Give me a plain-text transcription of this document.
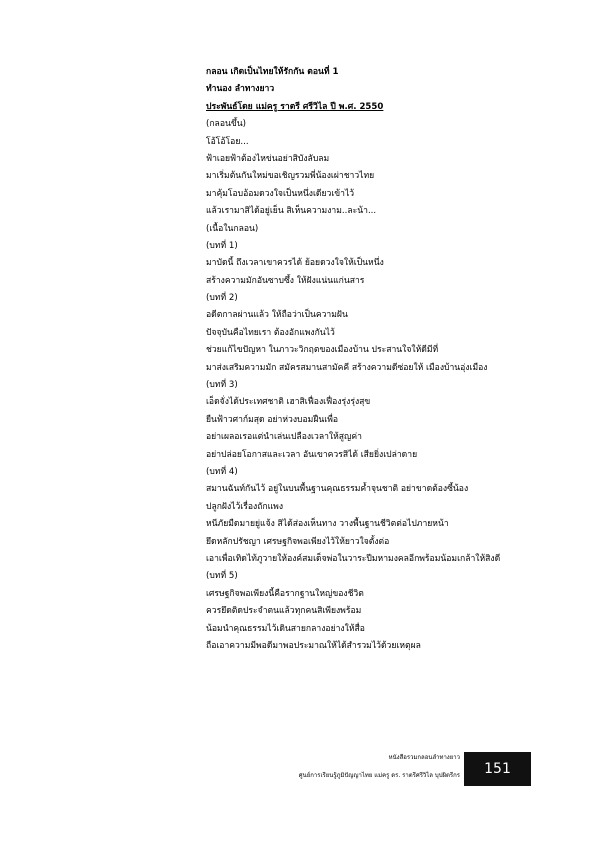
กลอน เกิดเป็นไทยให้รักกัน ตอนที่ 1
ทำนอง ลำทางยาว
ประพันธ์โดย แม่ครู ราตรี ศรีวิไล ปี พ.ศ. 2550
(กลอนขึ้น)
โอ้โอ้โอย...
ฟ้าเอยฟ้าต้องไหข่นอย่าสิบังลับลม
มาเริ่มต้นกันใหม่ขอเชิญรวมพี่น้องเผ่าชาวไทย
มาคุ้มโอบอ้อมดวงใจเป็นหนึ่งเดียวเข้าไว้
แล้วเรามาสิได้อยู่เย็น สิเห็นความงาม..ละน้า...
(เนื้อในกลอน)
(บทที่ 1)
มาบัดนี้ ถึงเวลาเขาควรได้ ย้อยดวงใจให้เป็นหนึ่ง
สร้างความมักอันซาบซึ้ง ให้ฝังแน่นแก่นสาร
(บทที่ 2)
อดีตกาลผ่านแล้ว ให้ถือว่าเป็นความฝัน
ปัจจุบันคือไทยเรา ต้องอักแพงกันไว้
ช่วยแก้ไขปัญหา ในภาวะวิกฤตของเมืองบ้าน ประสานใจให้ดีมีที่
มาส่งเสริมความมัก สมัครสมานสามัคคี สร้างความดีซ่อยให้ เมืองบ้านอุ่งเมือง
(บทที่ 3)
เอ็ดจั่งได้ประเทศชาติ เฮาสิเฟื่องเฟื่องรุ่งรุ่งสุข
ยืนฟ้าวศาก์มสุด อย่าห่วงบอมฝืนเพื่อ
อย่าเผลอเรอแต่นำเล่นเปลืองเวลาให้สูญค่า
อย่าปล่อยโอกาสและเวลา อันเขาควรสิได้ เสียยิ่งเปล่าดาย
(บทที่ 4)
สมานฉันท์กันไว้ อยู่ในบนพื้นฐานคุณธรรมค้ำจุนชาติ อย่าขาดต้องซี้น้อง
ปลูกฝังไว้เรื่องถักแพง
หนีภัยมืดมายยู่แจ้ง สิได้ส่องเห็นทาง วางพื้นฐานชีวิตต่อไปภายหน้า
ยึดหลักปรัชญา เศรษฐกิจพอเพียงไว้ให้ยาวใจตั้งต่อ
เอาเพื่อเทิดไท้ภูวายให้องค์สมเด็จพ่อในวาระปีมหามงคลอีกพร้อมน้อมเกล้าให้สิงดี
(บทที่ 5)
เศรษฐกิจพอเพียงนี้คือรากฐานใหญ่ของชีวิต
ควรยึดติดประจำตนแล้วทุกคนสิเพียงพร้อม
น้อมนำคุณธรรมไว้เดินสายกลางอย่างให้สื่อ
ถือเอาความมีพอดีมาพอประมาณให้ได้สำรวมไว้ด้วยเหตุผล
หนังสือรวมกลอนลำทางยาว
ศูนย์การเรียนรู้ภูมิปัญญาไทย แม่ครู ดร. ราตรีศรีวิไล บุปผิตรีกร 151
